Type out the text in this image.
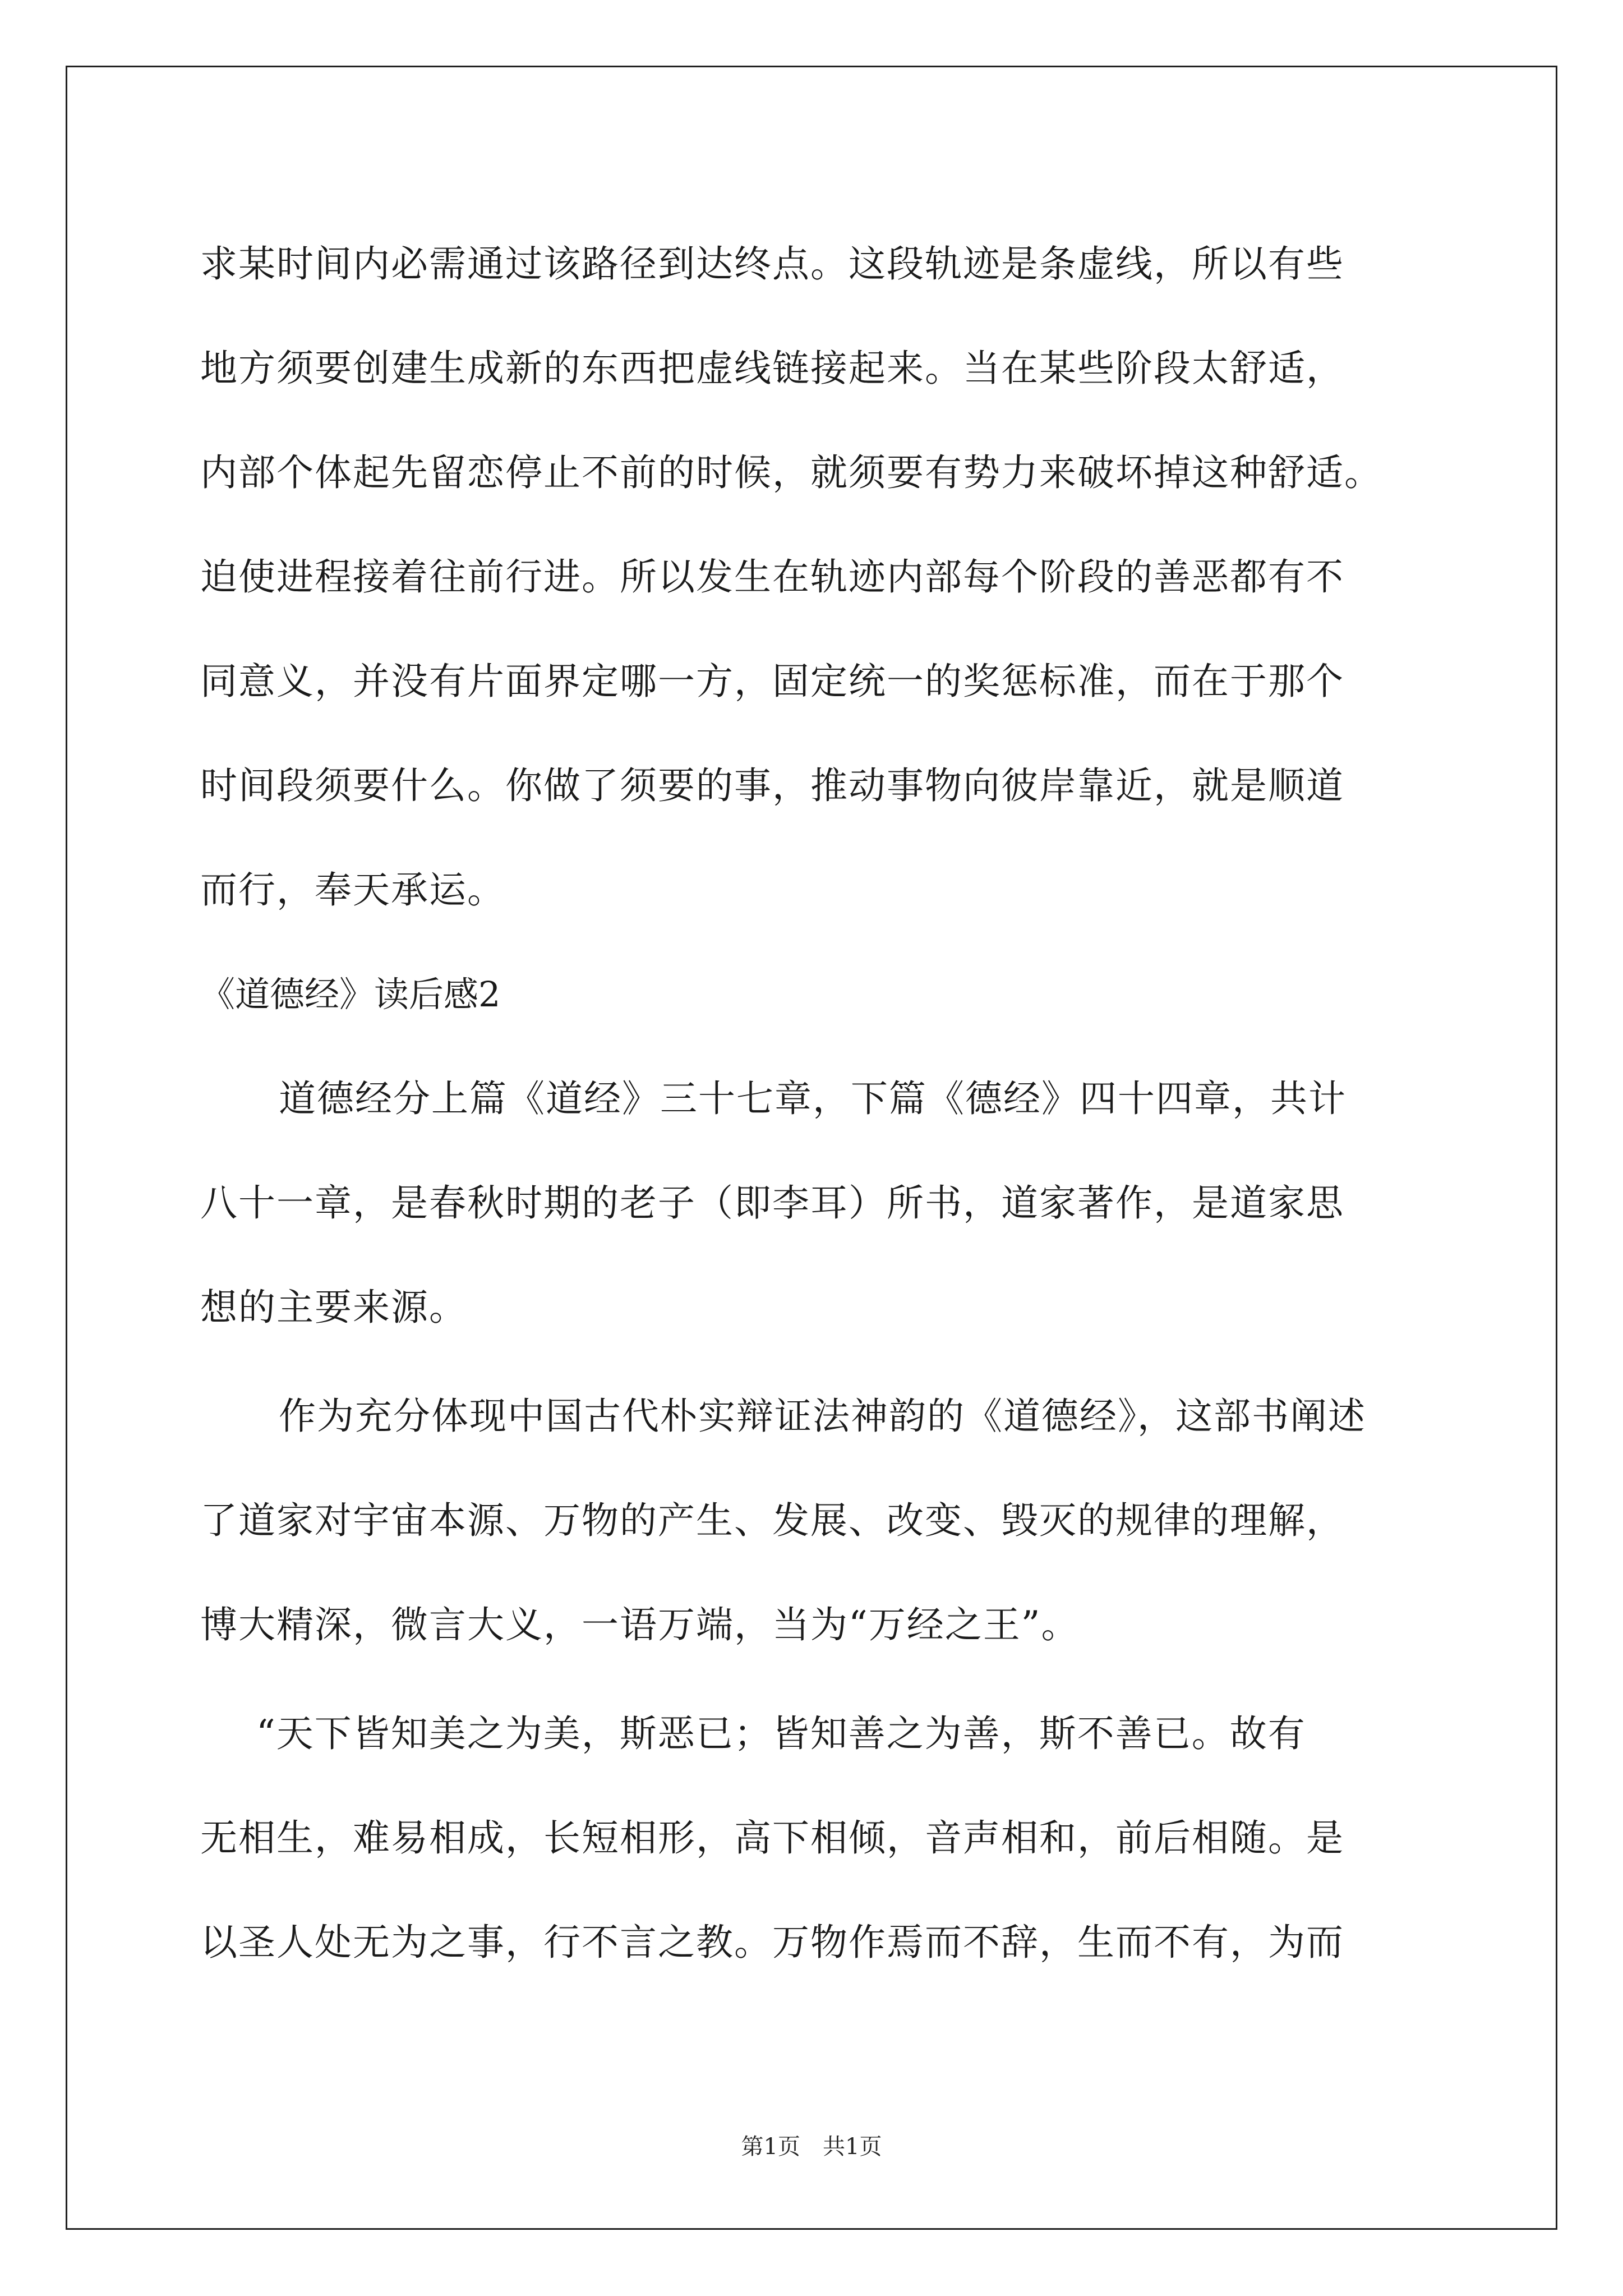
求某时间内必需通过该路径到达终点。这段轨迹是条虚线，所以有些
地方须要创建生成新的东西把虚线链接起来。当在某些阶段太舒适，
内部个体起先留恋停止不前的时候，就须要有势力来破坏掉这种舒适。
迫使进程接着往前行进。所以发生在轨迹内部每个阶段的善恶都有不
同意义，并没有片面界定哪一方，固定统一的奖惩标准，而在于那个
时间段须要什么。你做了须要的事，推动事物向彼岸靠近，就是顺道
而行，奉天承运。
《道德经》读后感2
道德经分上篇《道经》三十七章，下篇《德经》四十四章，共计
八十一章，是春秋时期的老子（即李耳）所书，道家著作，是道家思
想的主要来源。
作为充分体现中国古代朴实辩证法神韵的《道德经》，这部书阐述
了道家对宇宙本源、万物的产生、发展、改变、毁灭的规律的理解，
博大精深，微言大义，一语万端，当为“万经之王”。
“天下皆知美之为美，斯恶已；皆知善之为善，斯不善已。故有
无相生，难易相成，长短相形，高下相倾，音声相和，前后相随。是
以圣人处无为之事，行不言之教。万物作焉而不辞，生而不有，为而
第1页　共1页
